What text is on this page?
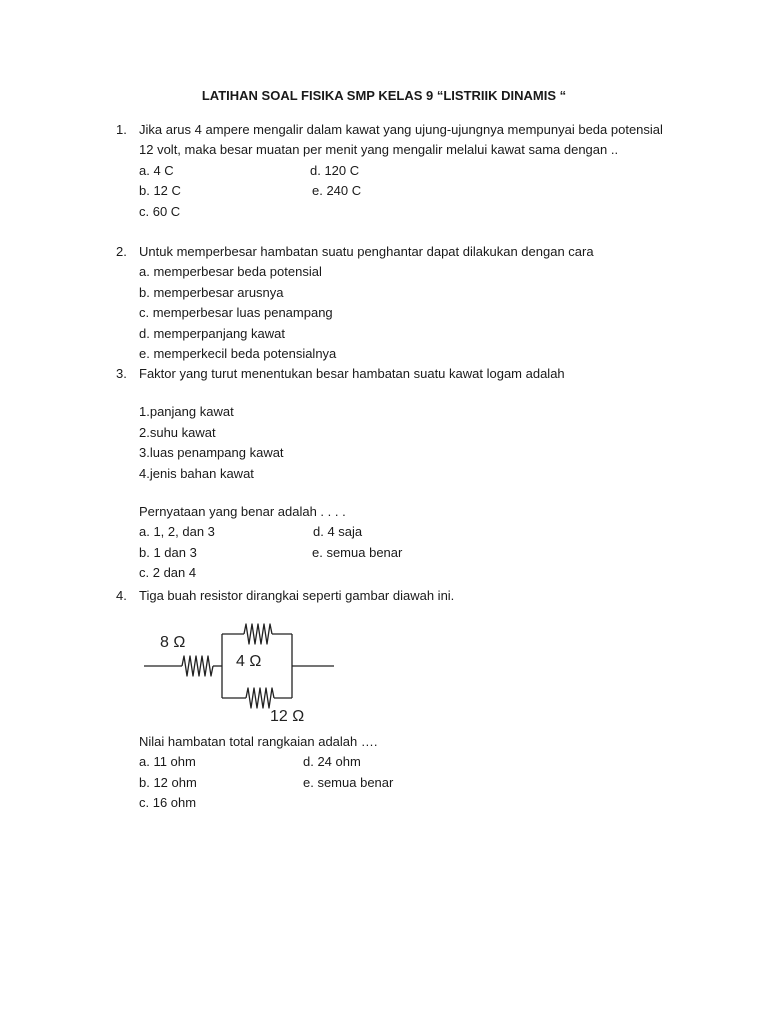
LATIHAN SOAL FISIKA SMP KELAS 9 “LISTRIIK DINAMIS “
1. Jika arus 4 ampere mengalir dalam kawat yang ujung-ujungnya mempunyai beda potensial 12 volt, maka besar muatan per menit yang mengalir melalui kawat sama dengan ..
a. 4 C	d. 120 C
b. 12 C	e. 240 C
c. 60 C
2. Untuk memperbesar hambatan suatu penghantar dapat dilakukan dengan cara
a. memperbesar beda potensial
b. memperbesar arusnya
c. memperbesar luas penampang
d. memperpanjang kawat
e. memperkecil beda potensialnya
3. Faktor yang turut menentukan besar hambatan suatu kawat logam adalah
1.panjang kawat
2.suhu kawat
3.luas penampang kawat
4.jenis bahan kawat
Pernyataan yang benar adalah . . . .
a. 1, 2, dan 3	d. 4 saja
b. 1 dan 3	e. semua benar
c. 2 dan 4
4. Tiga buah resistor dirangkai seperti gambar diawah ini.
8 Ω
4 Ω
12 Ω
Nilai hambatan total rangkaian adalah ….
a. 11 ohm	d. 24 ohm
b. 12 ohm	e. semua benar
c. 16 ohm
